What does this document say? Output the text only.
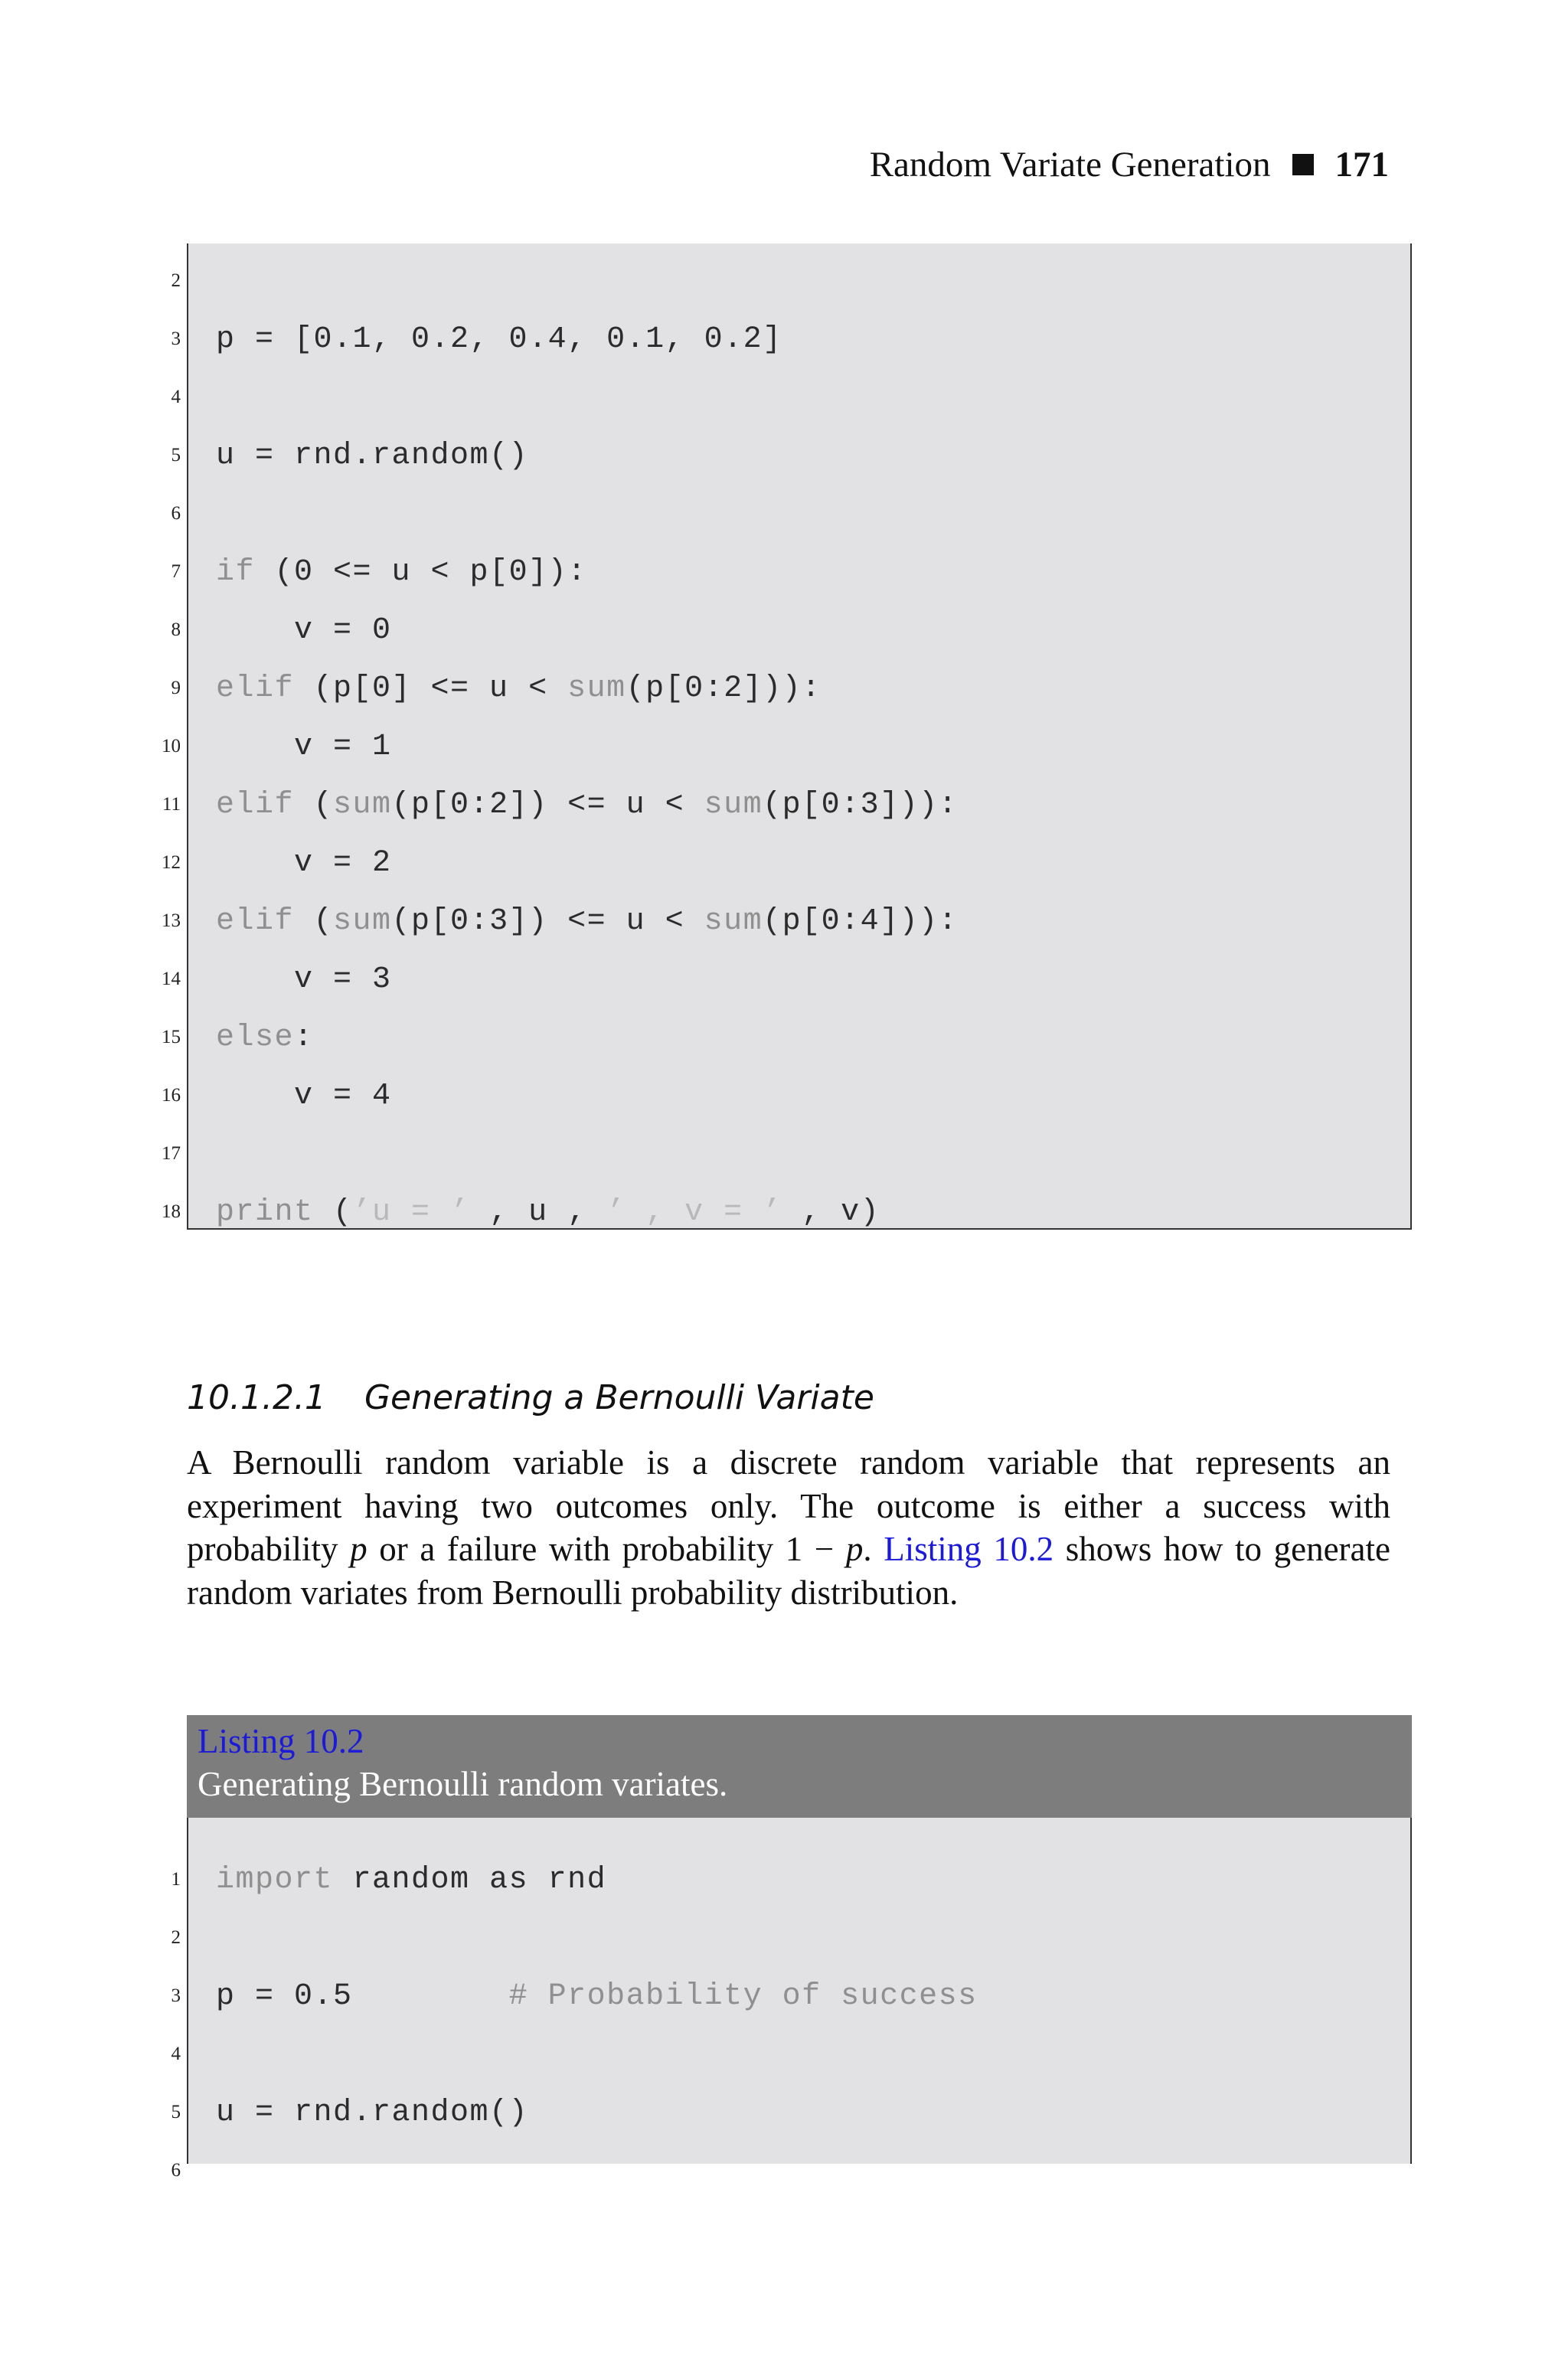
Random Variate Generation 171
2
3 p = [0.1, 0.2, 0.4, 0.1, 0.2]
4
5 u = rnd.random()
6
7 if (0 <= u < p[0]):
8 v = 0
9 elif (p[0] <= u < sum(p[0:2])):
10 v = 1
11 elif (sum(p[0:2]) <= u < sum(p[0:3])):
12 v = 2
13 elif (sum(p[0:3]) <= u < sum(p[0:4])):
14 v = 3
15 else:
16 v = 4
17
18 print (’u = ’ , u , ’ , v = ’ , v)
10.1.2.1 Generating a Bernoulli Variate
A Bernoulli random variable is a discrete random variable that represents an experiment having two outcomes only. The outcome is either a success with probability p or a failure with probability 1 − p. Listing 10.2 shows how to generate random variates from Bernoulli probability distribution.
Listing 10.2
Generating Bernoulli random variates.
1 import random as rnd
2
3 p = 0.5        # Probability of success
4
5 u = rnd.random()
6
